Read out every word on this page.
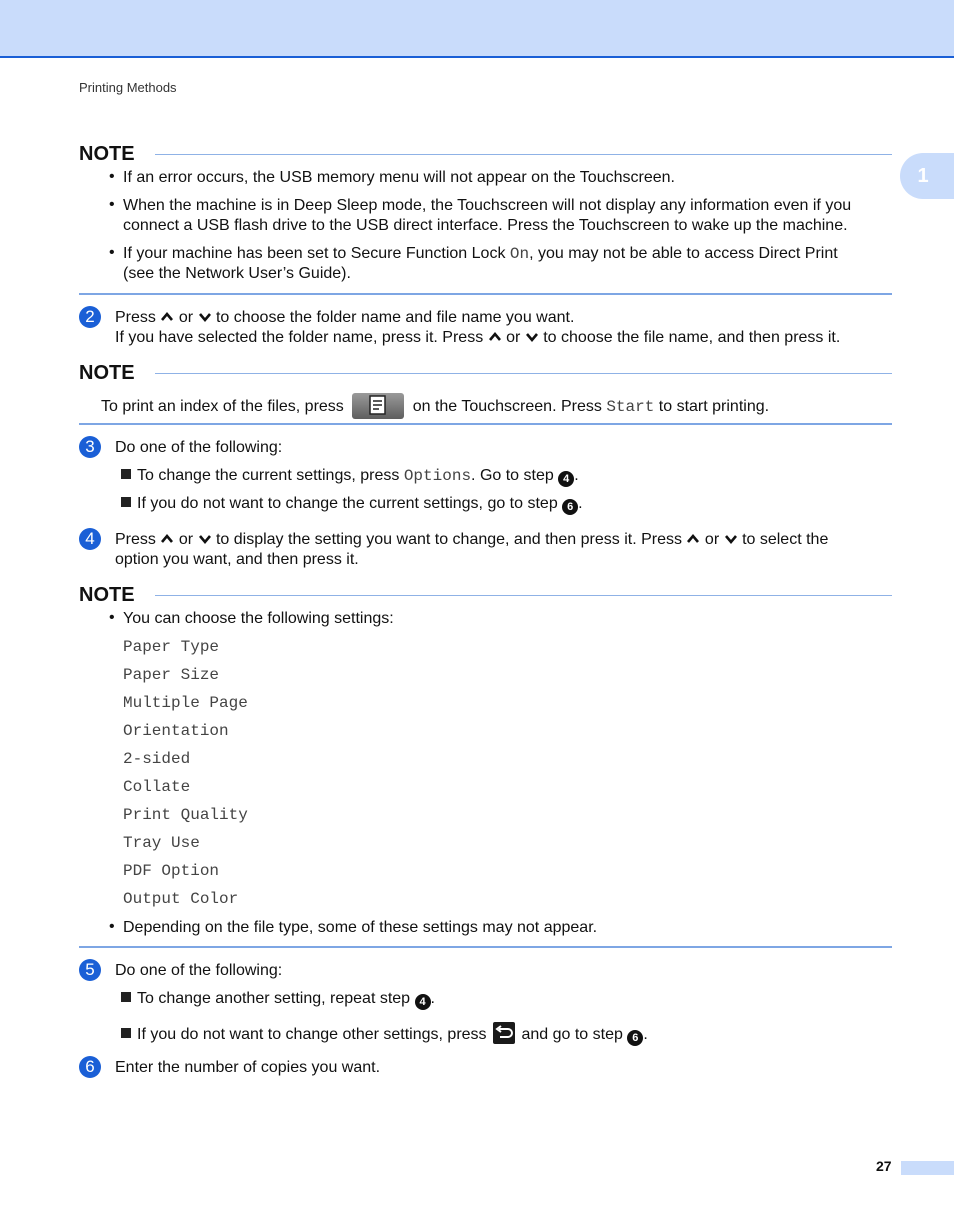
Printing Methods
1
NOTE
• If an error occurs, the USB memory menu will not appear on the Touchscreen.
• When the machine is in Deep Sleep mode, the Touchscreen will not display any information even if you
connect a USB flash drive to the USB direct interface. Press the Touchscreen to wake up the machine.
• If your machine has been set to Secure Function Lock On, you may not be able to access Direct Print
(see the Network User’s Guide).
2	Press or to choose the folder name and file name you want.
If you have selected the folder name, press it. Press or to choose the file name, and then press it.
NOTE
To print an index of the files, press	on the Touchscreen. Press Start to start printing.
3	Do one of the following:
To change the current settings, press Options. Go to step 4 .
If you do not want to change the current settings, go to step 6 .
4	Press or to display the setting you want to change, and then press it. Press or to select the
option you want, and then press it.
NOTE
• You can choose the following settings:
Paper Type
Paper Size
Multiple Page
Orientation
2-sided
Collate
Print Quality
Tray Use
PDF Option
Output Color
• Depending on the file type, some of these settings may not appear.
5	Do one of the following:
To change another setting, repeat step 4 .
If you do not want to change other settings, press and go to step 6 .
6	Enter the number of copies you want.
27
